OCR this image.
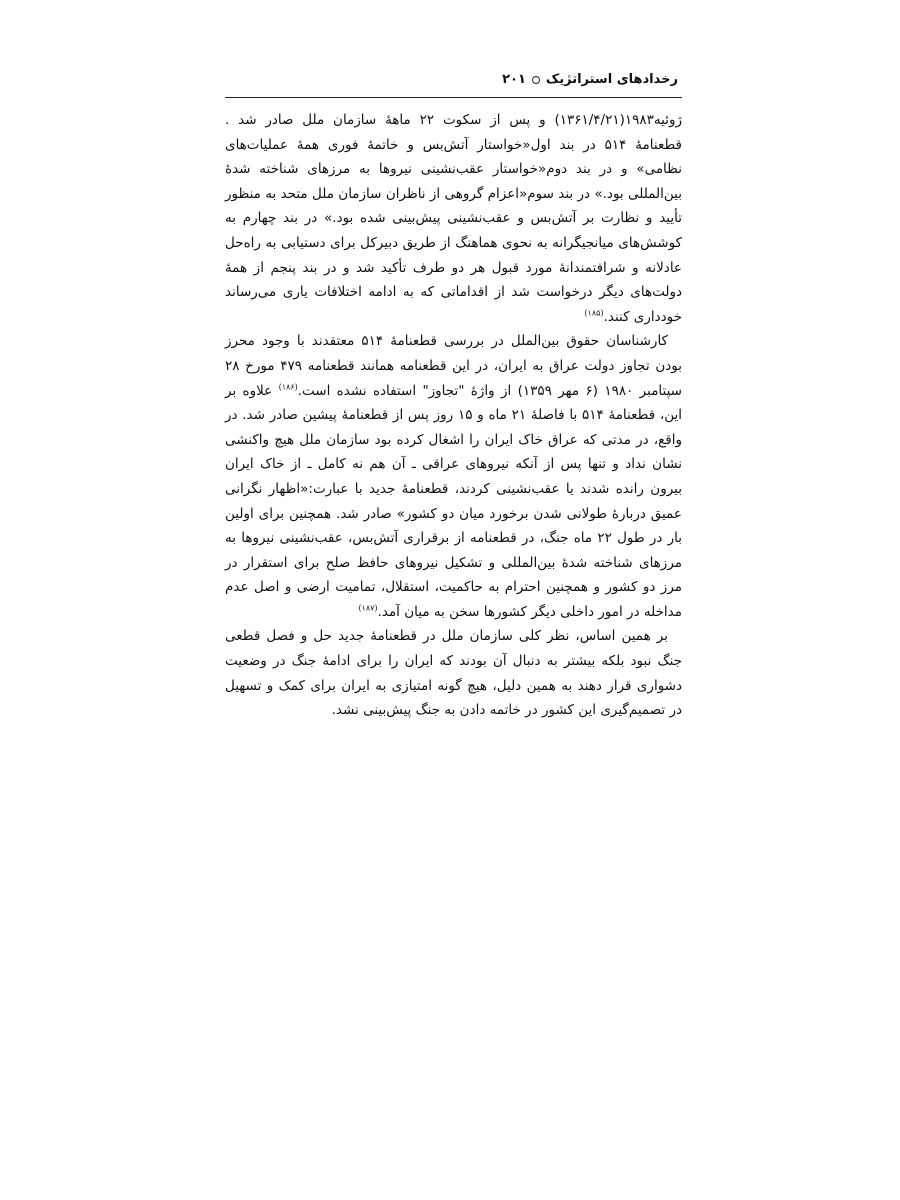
رخدادهای استراتژیک
۲۰۱

ژوئیه۱۹۸۳(۱۳۶۱/۴/۲۱) و پس از سکوت ۲۲ ماهۀ سازمان ملل صادر شد . قطعنامۀ ۵۱۴ در بند اول«خواستار آتش‌بس و خاتمۀ فوری همۀ عملیات‌های نظامی» و در بند دوم«خواستار عقب‌نشینی نیروها به مرزهای شناخته شدۀ بین‌المللی بود.» در بند سوم«اعزام گروهی از ناظران سازمان ملل متحد به منظور تأیید و نظارت بر آتش‌بس و عقب‌نشینی پیش‌بینی شده بود.» در بند چهارم به کوشش‌های میانجیگرانه به نحوی هماهنگ از طریق دبیرکل برای دستیابی به راه‌حل عادلانه و شرافتمندانۀ مورد قبول هر دو طرف تأکید شد و در بند پنجم از همۀ دولت‌های دیگر درخواست شد از اقداماتی که به ادامه اختلافات یاری می‌رساند خودداری کنند.$^{(۱۸۵)}$

کارشناسان حقوق بین‌الملل در بررسی قطعنامۀ ۵۱۴ معتقدند با وجود محرز بودن تجاوز دولت عراق به ایران، در این قطعنامه همانند قطعنامه ۴۷۹ مورخ ۲۸ سپتامبر ۱۹۸۰ (۶ مهر ۱۳۵۹) از واژۀ "تجاوز" استفاده نشده است.$^{(۱۸۶)}$ علاوه بر این، قطعنامۀ ۵۱۴ با فاصلۀ ۲۱ ماه و ۱۵ روز پس از قطعنامۀ پیشین صادر شد. در واقع، در مدتی که عراق خاک ایران را اشغال کرده بود سازمان ملل هیچ واکنشی نشان نداد و تنها پس از آنکه نیروهای عراقی ـ آن هم نه کامل ـ از خاک ایران بیرون رانده شدند یا عقب‌نشینی کردند، قطعنامۀ جدید با عبارت:«اظهار نگرانی عمیق دربارۀ طولانی شدن برخورد میان دو کشور» صادر شد. همچنین برای اولین بار در طول ۲۲ ماه جنگ، در قطعنامه از برقراری آتش‌بس، عقب‌نشینی نیروها به مرزهای شناخته شدۀ بین‌المللی و تشکیل نیروهای حافظ صلح برای استقرار در مرز دو کشور و همچنین احترام به حاکمیت، استقلال، تمامیت ارضی و اصل عدم مداخله در امور داخلی دیگر کشورها سخن به میان آمد.$^{(۱۸۷)}$

بر همین اساس، نظر کلی سازمان ملل در قطعنامۀ جدید حل و فصل قطعی جنگ نبود بلکه بیشتر به دنبال آن بودند که ایران را برای ادامۀ جنگ در وضعیت دشواری قرار دهند به همین دلیل، هیچ گونه امتیازی به ایران برای کمک و تسهیل در تصمیم‌گیری این کشور در خاتمه دادن به جنگ پیش‌بینی نشد.
